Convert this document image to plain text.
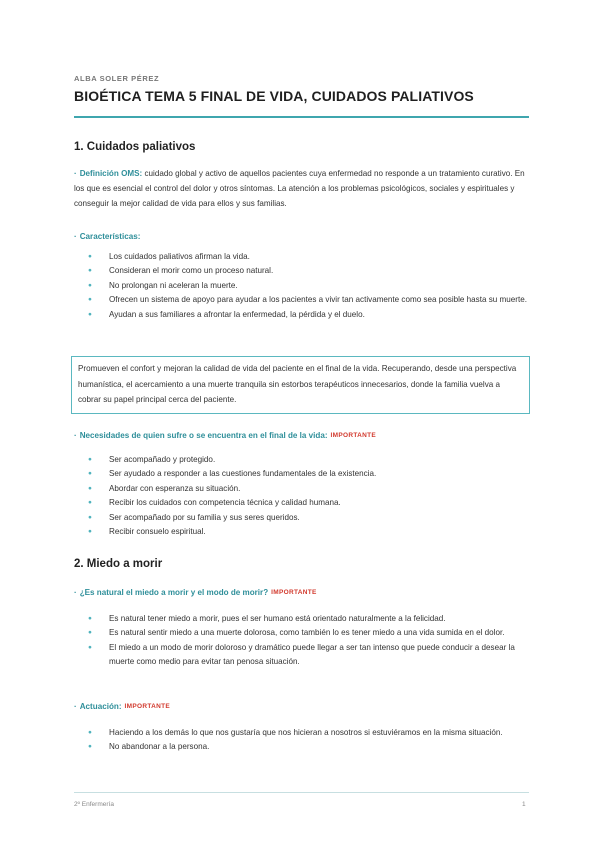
ALBA SOLER PÉREZ
BIOÉTICA TEMA 5 FINAL DE VIDA, CUIDADOS PALIATIVOS
1. Cuidados paliativos
· Definición OMS: cuidado global y activo de aquellos pacientes cuya enfermedad no responde a un tratamiento curativo. En los que es esencial el control del dolor y otros síntomas. La atención a los problemas psicológicos, sociales y espirituales y conseguir la mejor calidad de vida para ellos y sus familias.
· Características:
● Los cuidados paliativos afirman la vida.
● Consideran el morir como un proceso natural.
● No prolongan ni aceleran la muerte.
● Ofrecen un sistema de apoyo para ayudar a los pacientes a vivir tan activamente como sea posible hasta su muerte.
● Ayudan a sus familiares a afrontar la enfermedad, la pérdida y el duelo.
Promueven el confort y mejoran la calidad de vida del paciente en el final de la vida. Recuperando, desde una perspectiva humanística, el acercamiento a una muerte tranquila sin estorbos terapéuticos innecesarios, donde la familia vuelva a cobrar su papel principal cerca del paciente.
· Necesidades de quien sufre o se encuentra en el final de la vida: IMPORTANTE
● Ser acompañado y protegido.
● Ser ayudado a responder a las cuestiones fundamentales de la existencia.
● Abordar con esperanza su situación.
● Recibir los cuidados con competencia técnica y calidad humana.
● Ser acompañado por su familia y sus seres queridos.
● Recibir consuelo espiritual.
2. Miedo a morir
· ¿Es natural el miedo a morir y el modo de morir? IMPORTANTE
● Es natural tener miedo a morir, pues el ser humano está orientado naturalmente a la felicidad.
● Es natural sentir miedo a una muerte dolorosa, como también lo es tener miedo a una vida sumida en el dolor.
● El miedo a un modo de morir doloroso y dramático puede llegar a ser tan intenso que puede conducir a desear la muerte como medio para evitar tan penosa situación.
· Actuación: IMPORTANTE
● Haciendo a los demás lo que nos gustaría que nos hicieran a nosotros si estuviéramos en la misma situación.
● No abandonar a la persona.
2º Enfermería	1
